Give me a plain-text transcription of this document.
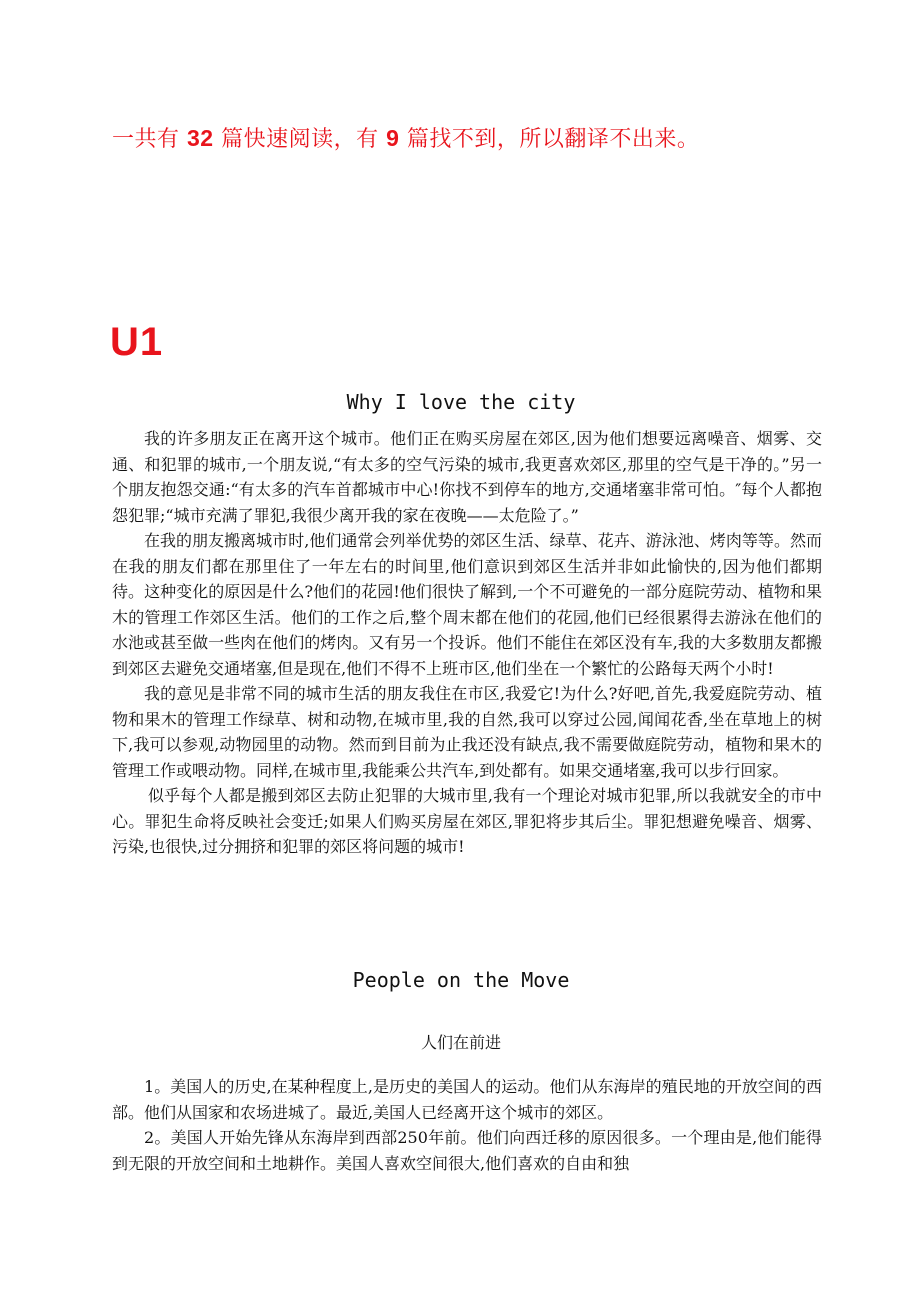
一共有 32 篇快速阅读，有 9 篇找不到，所以翻译不出来。
U1
Why I love the city

我的许多朋友正在离开这个城市。他们正在购买房屋在郊区,因为他们想要远离噪音、烟雾、交通、和犯罪的城市,一个朋友说,“有太多的空气污染的城市,我更喜欢郊区,那里的空气是干净的。”另一个朋友抱怨交通:“有太多的汽车首都城市中心!你找不到停车的地方,交通堵塞非常可怕。″每个人都抱怨犯罪;“城市充满了罪犯,我很少离开我的家在夜晚——太危险了。”

在我的朋友搬离城市时,他们通常会列举优势的郊区生活、绿草、花卉、游泳池、烤肉等等。然而在我的朋友们都在那里住了一年左右的时间里,他们意识到郊区生活并非如此愉快的,因为他们都期待。这种变化的原因是什么?他们的花园!他们很快了解到,一个不可避免的一部分庭院劳动、植物和果木的管理工作郊区生活。他们的工作之后,整个周末都在他们的花园,他们已经很累得去游泳在他们的水池或甚至做一些肉在他们的烤肉。又有另一个投诉。他们不能住在郊区没有车,我的大多数朋友都搬到郊区去避免交通堵塞,但是现在,他们不得不上班市区,他们坐在一个繁忙的公路每天两个小时!

我的意见是非常不同的城市生活的朋友我住在市区,我爱它!为什么?好吧,首先,我爱庭院劳动、植物和果木的管理工作绿草、树和动物,在城市里,我的自然,我可以穿过公园,闻闻花香,坐在草地上的树下,我可以参观,动物园里的动物。然而到目前为止我还没有缺点,我不需要做庭院劳动，植物和果木的管理工作或喂动物。同样,在城市里,我能乘公共汽车,到处都有。如果交通堵塞,我可以步行回家。

似乎每个人都是搬到郊区去防止犯罪的大城市里,我有一个理论对城市犯罪,所以我就安全的市中心。罪犯生命将反映社会变迁;如果人们购买房屋在郊区,罪犯将步其后尘。罪犯想避免噪音、烟雾、污染,也很快,过分拥挤和犯罪的郊区将问题的城市!

People on the Move
人们在前进

1。美国人的历史,在某种程度上,是历史的美国人的运动。他们从东海岸的殖民地的开放空间的西部。他们从国家和农场进城了。最近,美国人已经离开这个城市的郊区。

2。美国人开始先锋从东海岸到西部250年前。他们向西迁移的原因很多。一个理由是,他们能得到无限的开放空间和土地耕作。美国人喜欢空间很大,他们喜欢的自由和独
